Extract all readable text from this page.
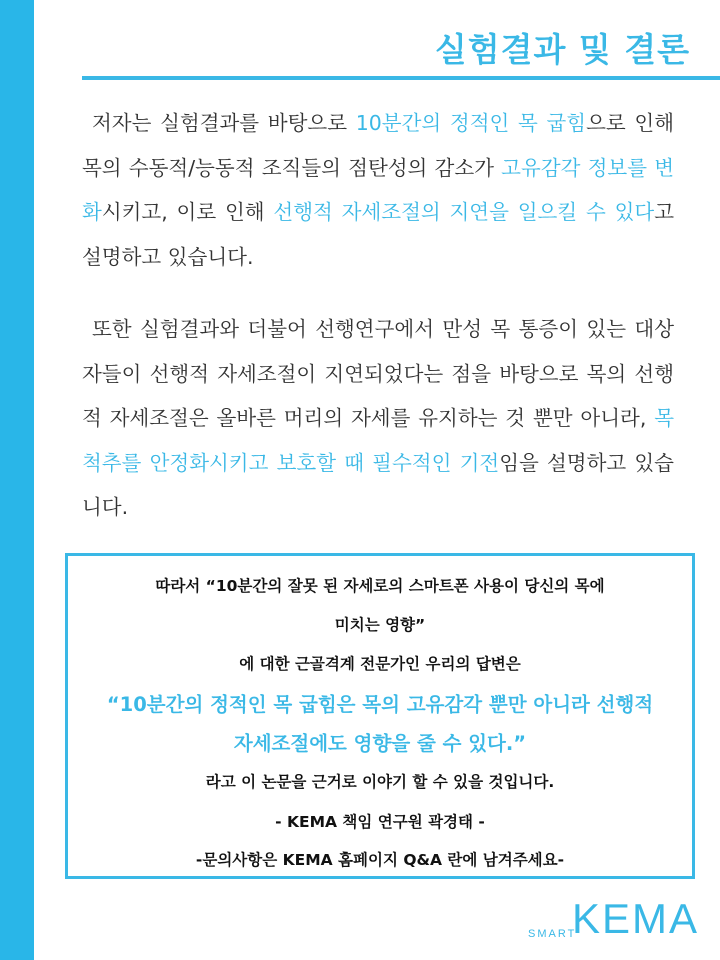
실험결과 및 결론

저자는 실험결과를 바탕으로 10분간의 정적인 목 굽힘으로 인해 목의 수동적/능동적 조직들의 점탄성의 감소가 고유감각 정보를 변화시키고, 이로 인해 선행적 자세조절의 지연을 일으킬 수 있다고 설명하고 있습니다.

또한 실험결과와 더불어 선행연구에서 만성 목 통증이 있는 대상자들이 선행적 자세조절이 지연되었다는 점을 바탕으로 목의 선행적 자세조절은 올바른 머리의 자세를 유지하는 것 뿐만 아니라, 목 척추를 안정화시키고 보호할 때 필수적인 기전임을 설명하고 있습니다.

따라서 “10분간의 잘못 된 자세로의 스마트폰 사용이 당신의 목에
미치는 영향”
에 대한 근골격계 전문가인 우리의 답변은
“10분간의 정적인 목 굽힘은 목의 고유감각 뿐만 아니라 선행적
자세조절에도 영향을 줄 수 있다.”
라고 이 논문을 근거로 이야기 할 수 있을 것입니다.
- KEMA 책임 연구원 곽경태 -
-문의사항은 KEMA 홈페이지 Q&A 란에 남겨주세요-
SMART
KEMA
